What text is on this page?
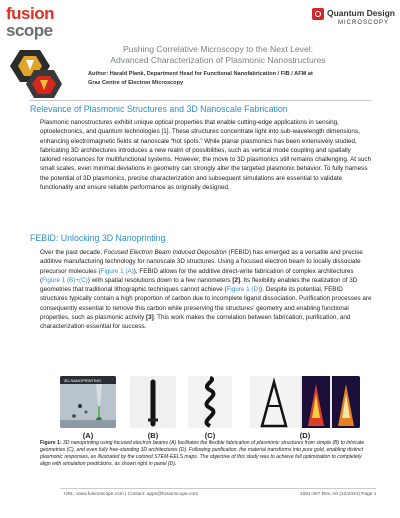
fusion
scope
Quantum Design
MICROSCOPY
Pushing Correlative Microscopy to the Next Level:
Advanced Characterization of Plasmonic Nanostructures
Author: Harald Plank, Department Head for Functional Nanofabrication / FIB / AFM at
Graz Centre of Electron Microscopy
Relevance of Plasmonic Structures and 3D Nanoscale Fabrication
Plasmonic nanostructures exhibit unique optical properties that enable cutting-edge applications in sensing, optoelectronics, and quantum technologies [1]. These structures concentrate light into sub-wavelength dimensions, enhancing electromagnetic fields at nanoscale “hot spots.” While planar plasmonics has been extensively studied, fabricating 3D architectures introduces a new realm of possibilities, such as vertical mode coupling and spatially tailored resonances for multifunctional systems. However, the move to 3D plasmonics still remains challenging. At such small scales, even minimal deviations in geometry can strongly alter the targeted plasmonic behavior. To fully harness the potential of 3D plasmonics, precise characterization and subsequent simulations are essential to validate functionality and ensure reliable performance as originally designed.
FEBID: Unlocking 3D Nanoprinting
Over the past decade, Focused Electron Beam Induced Deposition (FEBID) has emerged as a versatile and precise additive manufacturing technology for nanoscale 3D structures. Using a focused electron beam to locally dissociate precursor molecules (Figure 1 (A)), FEBID allows for the additive direct-write fabrication of complex architectures (Figure 1 (B)+(C)) with spatial resolutions down to a few nanometers [2]. Its flexibility enables the realization of 3D geometries that traditional lithographic techniques cannot achieve (Figure 1 (D)). Despite its potential, FEBID structures typically contain a high proportion of carbon due to incomplete ligand dissociation. Purification processes are consequently essential to remove this carbon while preserving the structures’ geometry and enabling functional properties, such as plasmonic activity [3]. This work makes the correlation between fabrication, purification, and characterization essential for success.
3D-NANOPRINTING
(A)	(B)	(C)	(D)
Figure 1: 3D nanoprinting using focused electron beams (A) facilitates the flexible fabrication of plasmonic structures from simple (B) to intricate geometries (C), and even fully free-standing 3D architectures (D). Following purification, the material transforms into pure gold, enabling distinct plasmonic responses, as illustrated by the colored STEM-EELS maps. The objective of this study was to achieve full optimization to completely align with simulation predictions, as shown right in panel (D).
URL: www.fusionscope.com | Contact: apps@fusionscope.com	1061-307 Rev. A0 (12/2024) Page 1
